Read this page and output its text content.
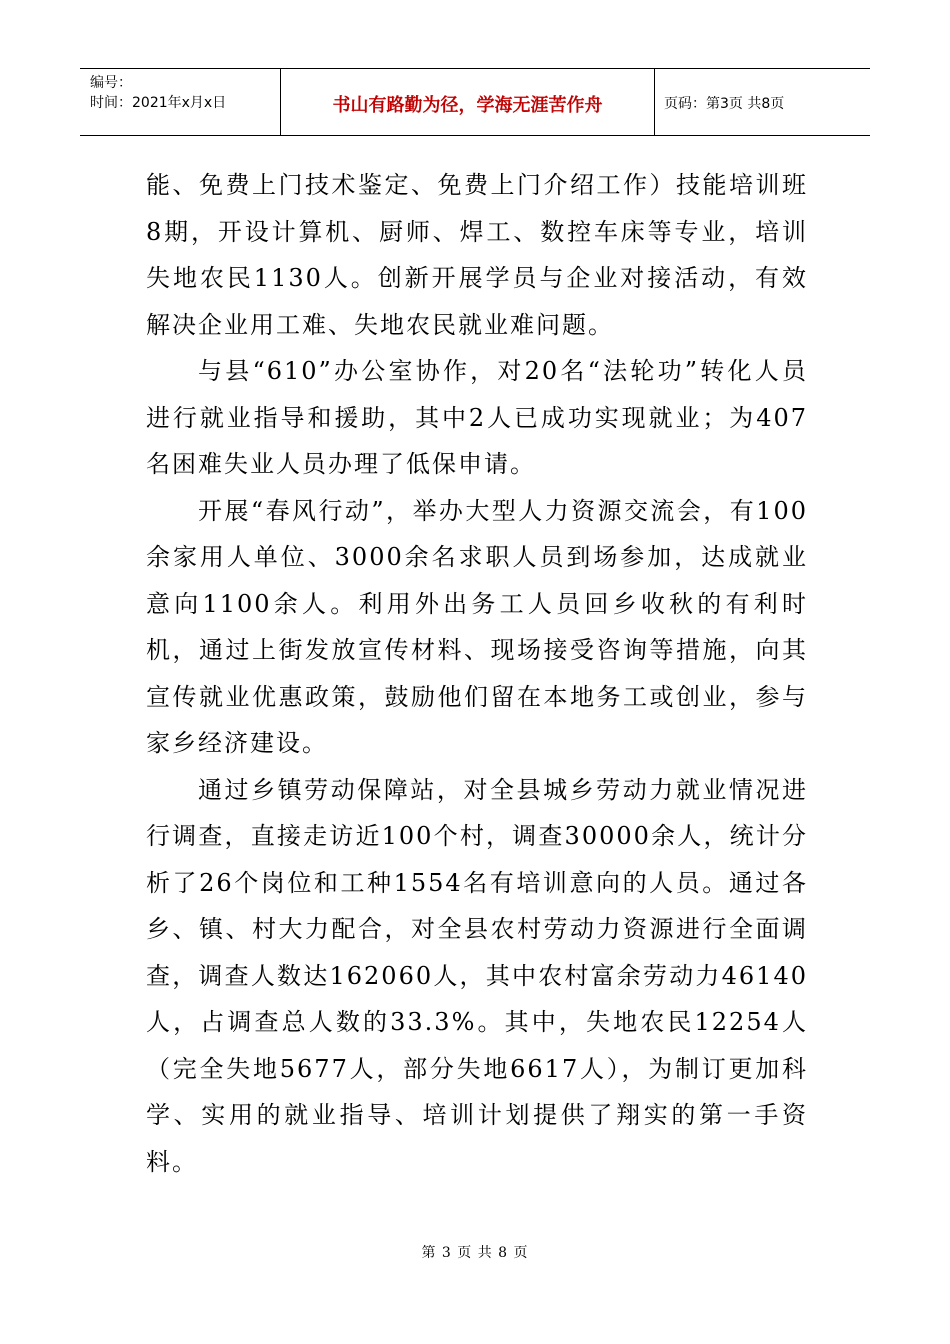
编号：
时间：2021年x月x日	书山有路勤为径，学海无涯苦作舟	页码：第3页 共8页

能、免费上门技术鉴定、免费上门介绍工作）技能培训班8期，开设计算机、厨师、焊工、数控车床等专业，培训失地农民1130人。创新开展学员与企业对接活动，有效解决企业用工难、失地农民就业难问题。

与县“610”办公室协作，对20名“法轮功”转化人员进行就业指导和援助，其中2人已成功实现就业；为407名困难失业人员办理了低保申请。

开展“春风行动”，举办大型人力资源交流会，有100余家用人单位、3000余名求职人员到场参加，达成就业意向1100余人。利用外出务工人员回乡收秋的有利时机，通过上街发放宣传材料、现场接受咨询等措施，向其宣传就业优惠政策，鼓励他们留在本地务工或创业，参与家乡经济建设。

通过乡镇劳动保障站，对全县城乡劳动力就业情况进行调查，直接走访近100个村，调查30000余人，统计分析了26个岗位和工种1554名有培训意向的人员。通过各乡、镇、村大力配合，对全县农村劳动力资源进行全面调查，调查人数达162060人，其中农村富余劳动力46140人，占调查总人数的33.3%。其中，失地农民12254人（完全失地5677人，部分失地6617人），为制订更加科学、实用的就业指导、培训计划提供了翔实的第一手资料。

第 3 页 共 8 页
